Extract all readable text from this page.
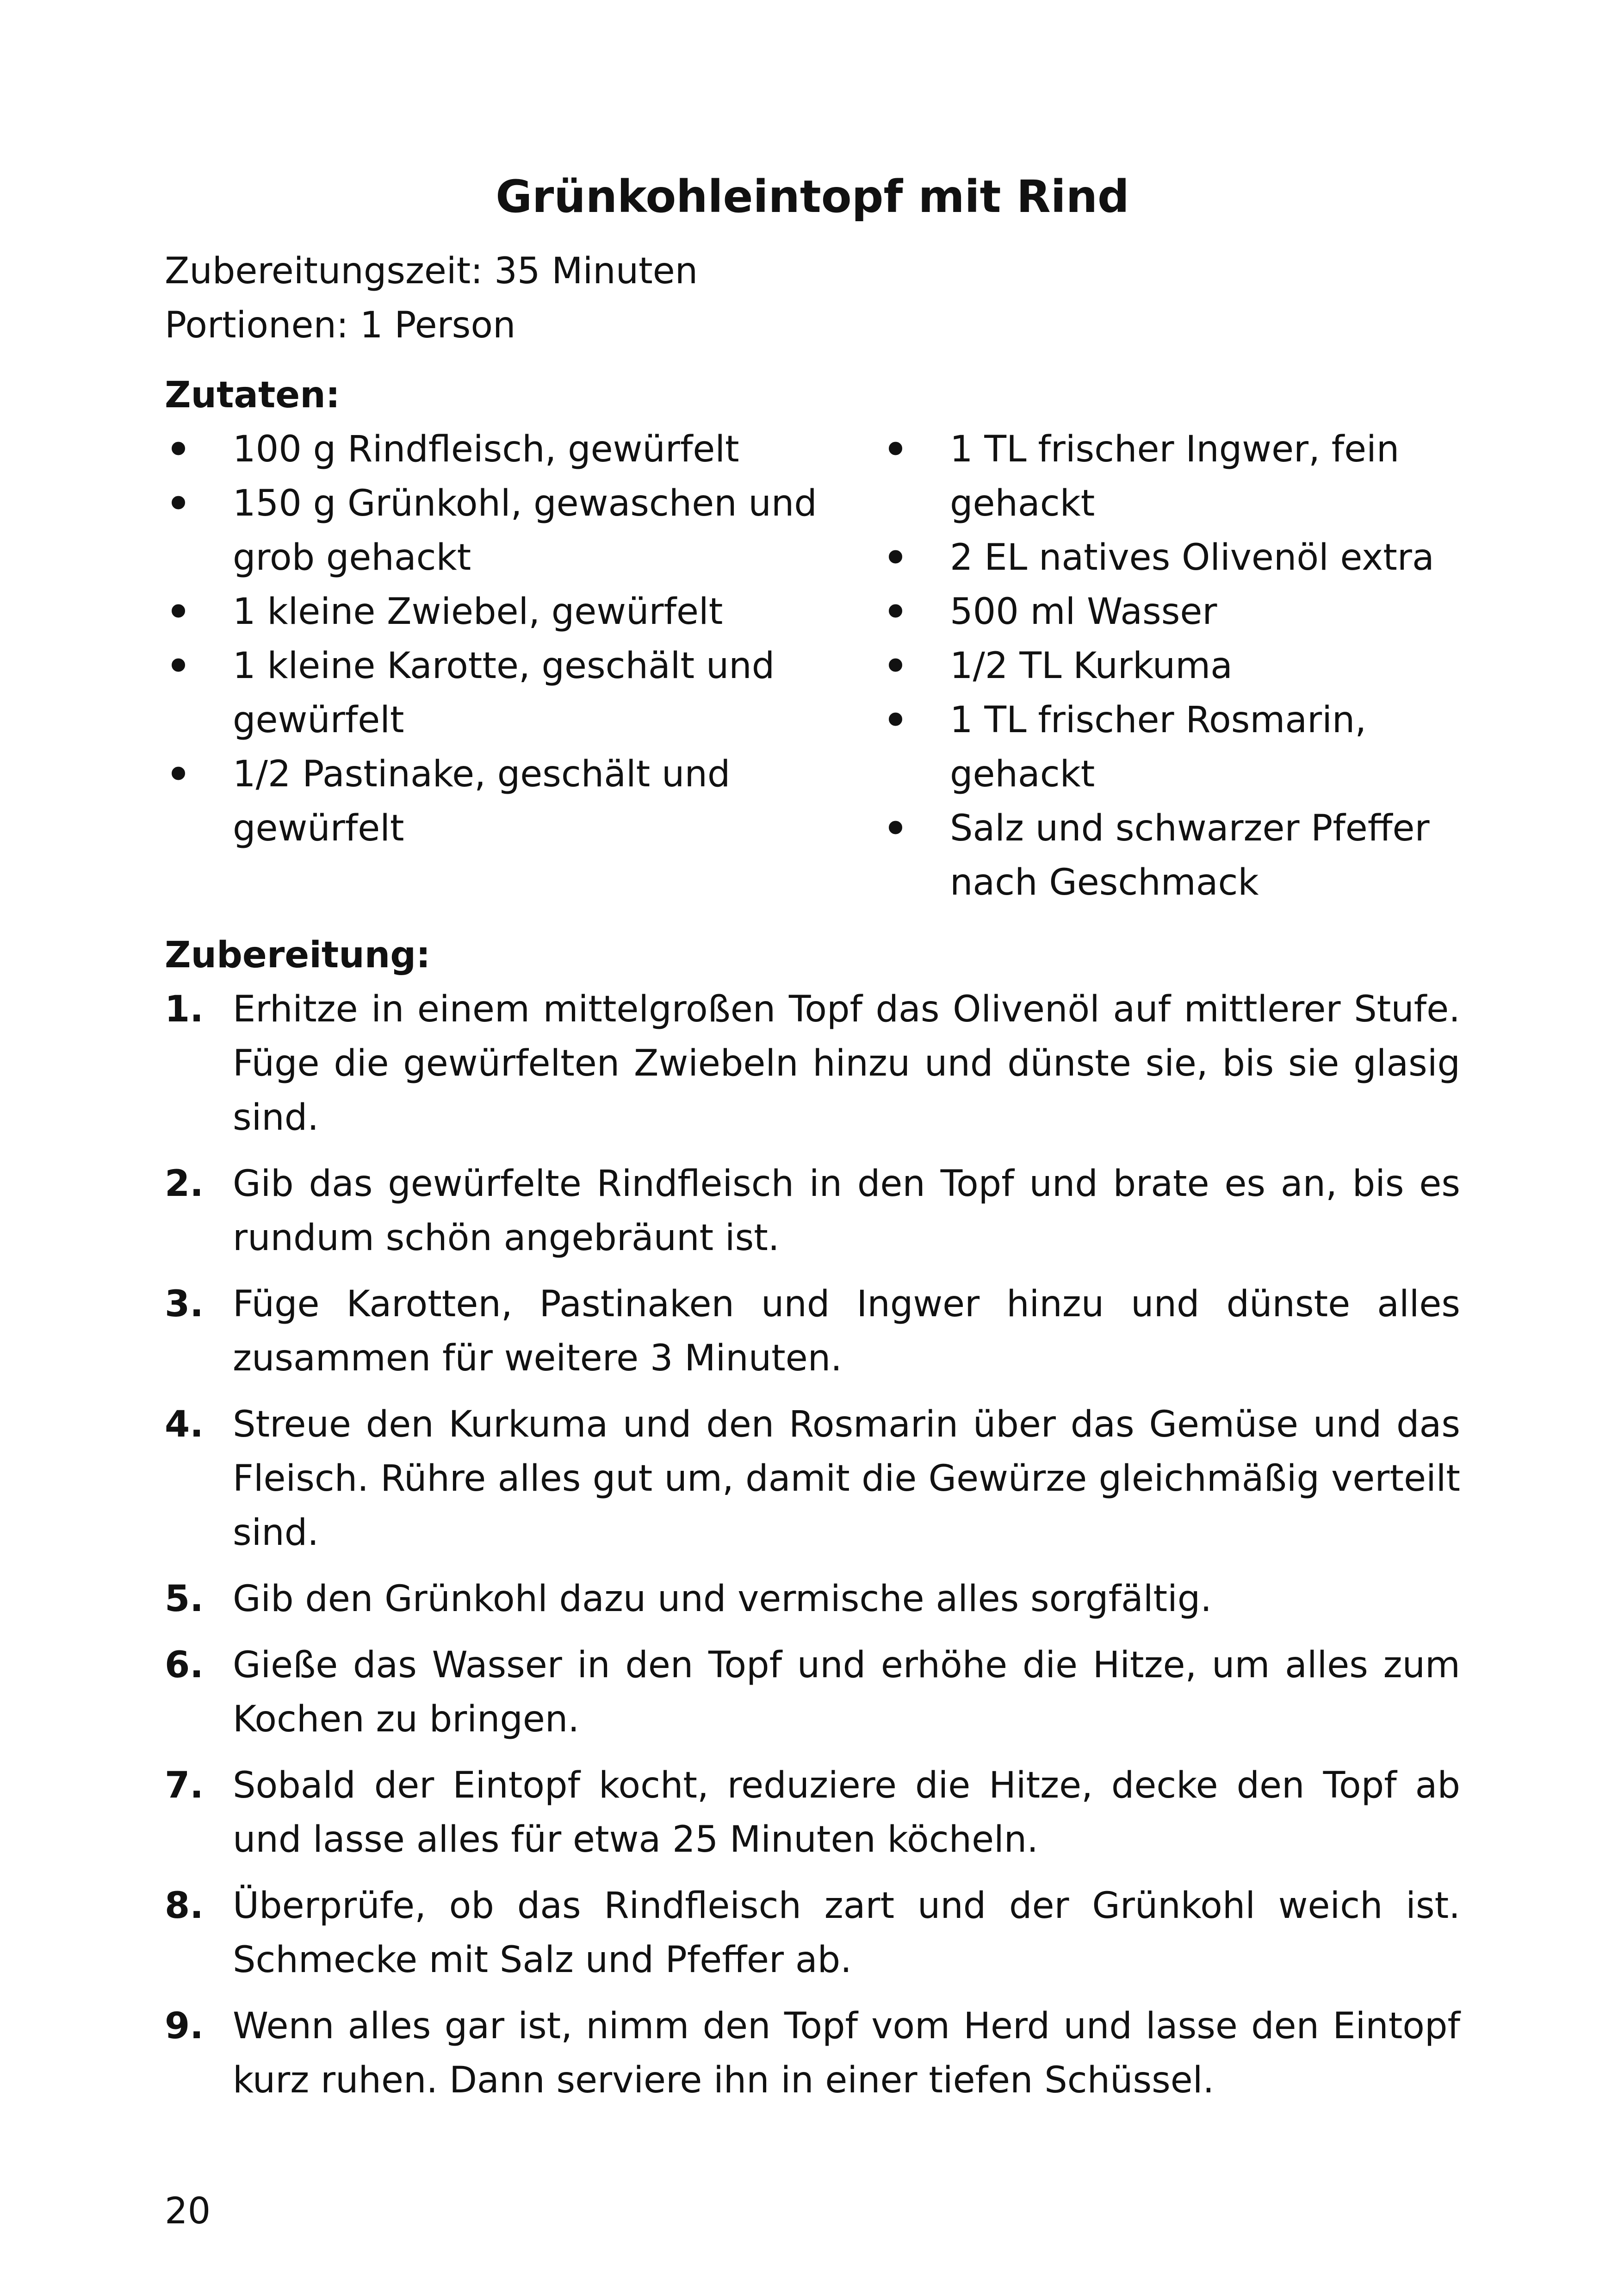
Grünkohleintopf mit Rind

Zubereitungszeit: 35 Minuten

Portionen: 1 Person

Zutaten:

• 100 g Rindfleisch, gewürfelt
• 150 g Grünkohl, gewaschen und grob gehackt
• 1 kleine Zwiebel, gewürfelt
• 1 kleine Karotte, geschält und gewürfelt
• 1/2 Pastinake, geschält und gewürfelt
• 1 TL frischer Ingwer, fein gehackt
• 2 EL natives Olivenöl extra
• 500 ml Wasser
• 1/2 TL Kurkuma
• 1 TL frischer Rosmarin, gehackt
• Salz und schwarzer Pfeffer nach Geschmack

Zubereitung:

1. Erhitze in einem mittelgroßen Topf das Olivenöl auf mittlerer Stufe. Füge die gewürfelten Zwiebeln hinzu und dünste sie, bis sie glasig sind.
2. Gib das gewürfelte Rindfleisch in den Topf und brate es an, bis es rundum schön angebräunt ist.
3. Füge Karotten, Pastinaken und Ingwer hinzu und dünste alles zusammen für weitere 3 Minuten.
4. Streue den Kurkuma und den Rosmarin über das Gemüse und das Fleisch. Rühre alles gut um, damit die Gewürze gleichmäßig verteilt sind.
5. Gib den Grünkohl dazu und vermische alles sorgfältig.
6. Gieße das Wasser in den Topf und erhöhe die Hitze, um alles zum Kochen zu bringen.
7. Sobald der Eintopf kocht, reduziere die Hitze, decke den Topf ab und lasse alles für etwa 25 Minuten köcheln.
8. Überprüfe, ob das Rindfleisch zart und der Grünkohl weich ist. Schmecke mit Salz und Pfeffer ab.
9. Wenn alles gar ist, nimm den Topf vom Herd und lasse den Eintopf kurz ruhen. Dann serviere ihn in einer tiefen Schüssel.
20
